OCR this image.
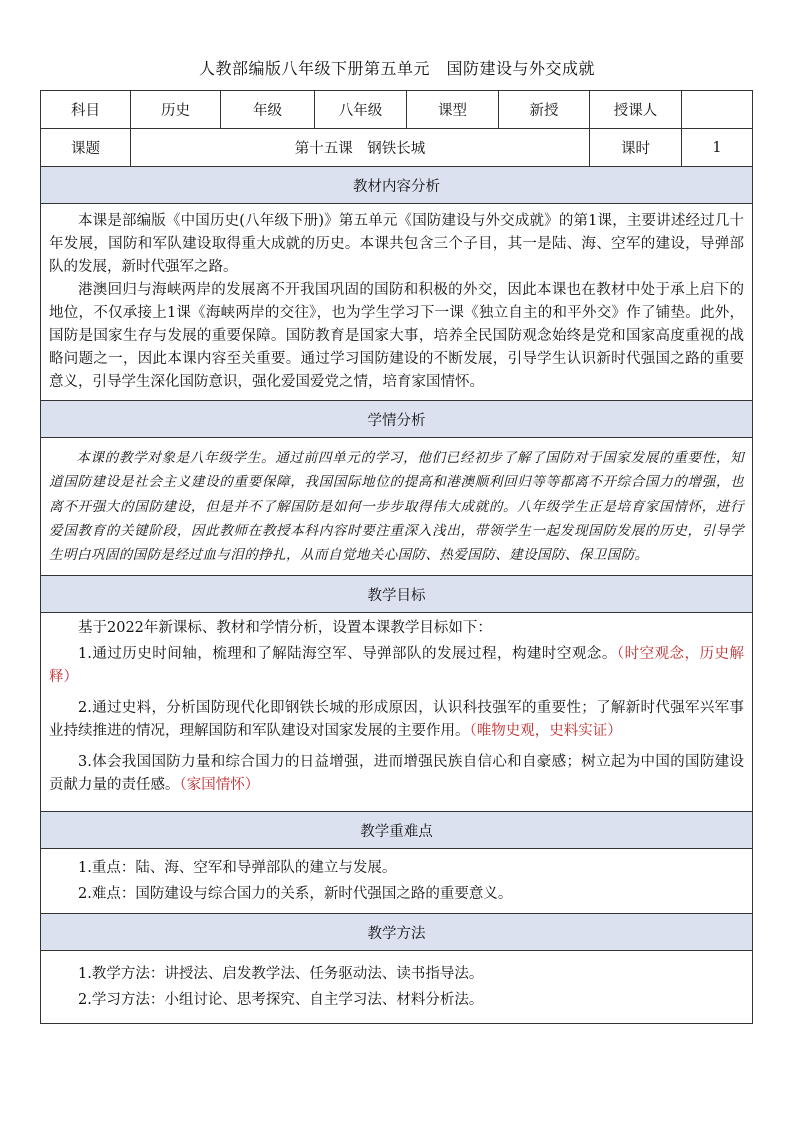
人教部编版八年级下册第五单元　国防建设与外交成就
科目	历史	年级	八年级	课型	新授	授课人	
课题	第十五课　钢铁长城					课时	1
教材内容分析							

本课是部编版《中国历史(八年级下册)》第五单元《国防建设与外交成就》的第1课，主要讲述经过几十年发展，国防和军队建设取得重大成就的历史。本课共包含三个子目，其一是陆、海、空军的建设，导弹部队的发展，新时代强军之路。

港澳回归与海峡两岸的发展离不开我国巩固的国防和积极的外交，因此本课也在教材中处于承上启下的地位，不仅承接上1课《海峡两岸的交往》，也为学生学习下一课《独立自主的和平外交》作了铺垫。此外，国防是国家生存与发展的重要保障。国防教育是国家大事，培养全民国防观念始终是党和国家高度重视的战略问题之一，因此本课内容至关重要。通过学习国防建设的不断发展，引导学生认识新时代强国之路的重要意义，引导学生深化国防意识，强化爱国爱党之情，培育家国情怀。							

学情分析							

本课的教学对象是八年级学生。通过前四单元的学习，他们已经初步了解了国防对于国家发展的重要性，知道国防建设是社会主义建设的重要保障，我国国际地位的提高和港澳顺利回归等等都离不开综合国力的增强，也离不开强大的国防建设，但是并不了解国防是如何一步步取得伟大成就的。八年级学生正是培育家国情怀，进行爱国教育的关键阶段，因此教师在教授本科内容时要注重深入浅出，带领学生一起发现国防发展的历史，引导学生明白巩固的国防是经过血与泪的挣扎，从而自觉地关心国防、热爱国防、建设国防、保卫国防。							

教学目标							

基于2022年新课标、教材和学情分析，设置本课教学目标如下：

1.通过历史时间轴，梳理和了解陆海空军、导弹部队的发展过程，构建时空观念。（时空观念，历史解释）

2.通过史料，分析国防现代化即钢铁长城的形成原因，认识科技强军的重要性；了解新时代强军兴军事业持续推进的情况，理解国防和军队建设对国家发展的主要作用。（唯物史观，史料实证）

3.体会我国国防力量和综合国力的日益增强，进而增强民族自信心和自豪感；树立起为中国的国防建设贡献力量的责任感。（家国情怀）							

教学重难点							

1.重点：陆、海、空军和导弹部队的建立与发展。

2.难点：国防建设与综合国力的关系，新时代强国之路的重要意义。							

教学方法							

1.教学方法：讲授法、启发教学法、任务驱动法、读书指导法。

2.学习方法：小组讨论、思考探究、自主学习法、材料分析法。							
